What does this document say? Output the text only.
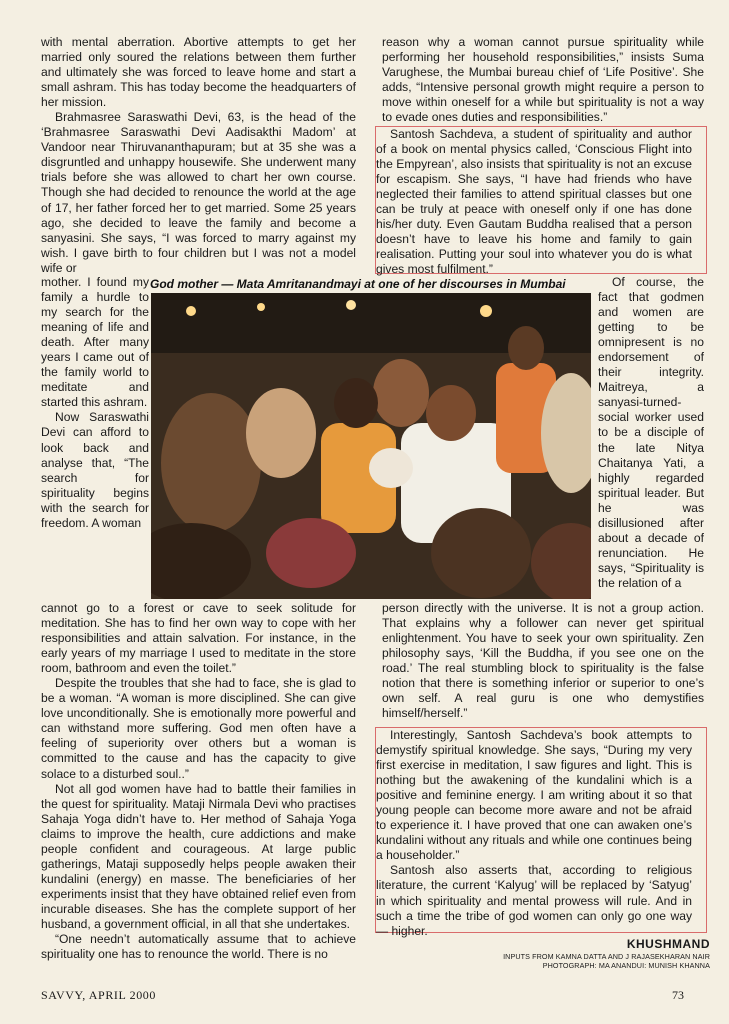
with mental aberration. Abortive attempts to get her married only soured the relations between them further and ultimately she was forced to leave home and start a small ashram. This has today become the headquarters of her mission.

Brahmasree Saraswathi Devi, 63, is the head of the ‘Brahmasree Saraswathi Devi Aadisakthi Madom’ at Vandoor near Thiruvananthapuram; but at 35 she was a disgruntled and unhappy housewife. She underwent many trials before she was allowed to chart her own course. Though she had decided to renounce the world at the age of 17, her father forced her to get married. Some 25 years ago, she decided to leave the family and become a sanyasini. She says, “I was forced to marry against my wish. I gave birth to four children but I was not a model wife or

mother. I found my family a hurdle to my search for the meaning of life and death. After many years I came out of the family world to meditate and started this ashram.

Now Saraswathi Devi can afford to look back and analyse that, “The search for spirituality begins with the search for freedom. A woman

God mother — Mata Amritanandmayi at one of her discourses in Mumbai

cannot go to a forest or cave to seek solitude for meditation. She has to find her own way to cope with her responsibilities and attain salvation. For instance, in the early years of my marriage I used to meditate in the store room, bathroom and even the toilet.”

Despite the troubles that she had to face, she is glad to be a woman. “A woman is more disciplined. She can give love unconditionally. She is emotionally more powerful and can withstand more suffering. God men often have a feeling of superiority over others but a woman is committed to the cause and has the capacity to give solace to a disturbed soul..”

Not all god women have had to battle their families in the quest for spirituality. Mataji Nirmala Devi who practises Sahaja Yoga didn’t have to. Her method of Sahaja Yoga claims to improve the health, cure addictions and make people confident and courageous. At large public gatherings, Mataji supposedly helps people awaken their kundalini (energy) en masse. The beneficiaries of her experiments insist that they have obtained relief even from incurable diseases. She has the complete support of her husband, a government official, in all that she undertakes.

“One needn’t automatically assume that to achieve spirituality one has to renounce the world. There is no

reason why a woman cannot pursue spirituality while performing her household responsibilities,” insists Suma Varughese, the Mumbai bureau chief of ‘Life Positive’. She adds, “Intensive personal growth might require a person to move within oneself for a while but spirituality is not a way to evade ones duties and responsibilities.”

Santosh Sachdeva, a student of spirituality and author of a book on mental physics called, ‘Conscious Flight into the Empyrean’, also insists that spirituality is not an excuse for escapism. She says, “I have had friends who have neglected their families to attend spiritual classes but one can be truly at peace with oneself only if one has done his/her duty. Even Gautam Buddha realised that a person doesn’t have to leave his home and family to gain realisation. Putting your soul into whatever you do is what gives most fulfilment.”

Of course, the fact that godmen and women are getting to be omnipresent is no endorsement of their integrity. Maitreya, a sanyasi-turned-social worker used to be a disciple of the late Nitya Chaitanya Yati, a highly regarded spiritual leader. But he was disillusioned after about a decade of renunciation. He says, “Spirituality is the relation of a

person directly with the universe. It is not a group action. That explains why a follower can never get spiritual enlightenment. You have to seek your own spirituality. Zen philosophy says, ‘Kill the Buddha, if you see one on the road.’ The real stumbling block to spirituality is the false notion that there is something inferior or superior to one’s own self. A real guru is one who demystifies himself/herself.”

Interestingly, Santosh Sachdeva’s book attempts to demystify spiritual knowledge. She says, “During my very first exercise in meditation, I saw figures and light. This is nothing but the awakening of the kundalini which is a positive and feminine energy. I am writing about it so that young people can become more aware and not be afraid to experience it. I have proved that one can awaken one’s kundalini without any rituals and while one continues being a householder.”

Santosh also asserts that, according to religious literature, the current ‘Kalyug’ will be replaced by ‘Satyug’ in which spirituality and mental prowess will rule. And in such a time the tribe of god women can only go one way — higher.

KHUSHMAND
INPUTS FROM KAMNA DATTA AND J RAJASEKHARAN NAIR
PHOTOGRAPH: MA ANANDUI: MUNISH KHANNA
SAVVY, APRIL 2000	73
